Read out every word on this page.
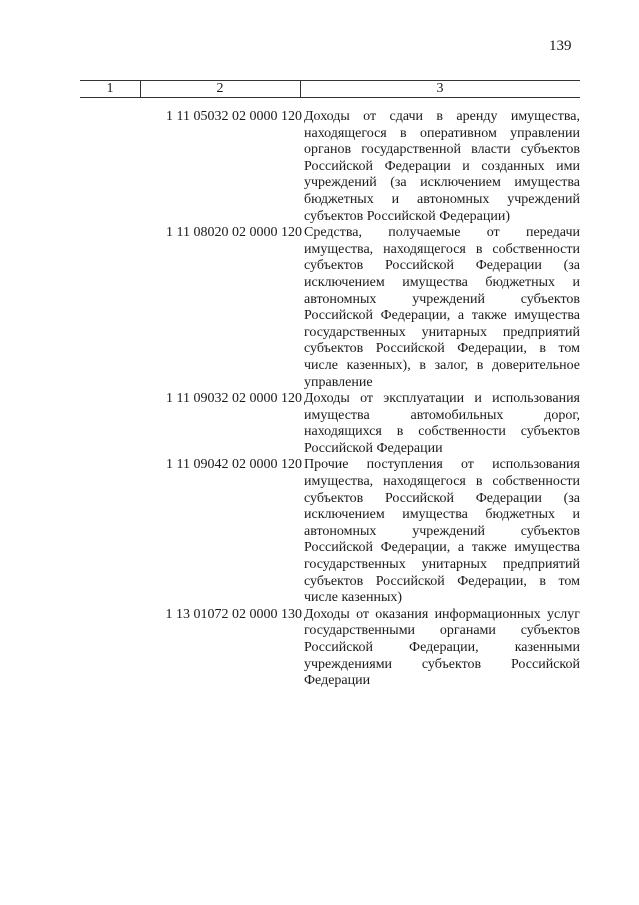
139
1	2	3
1 11 05032 02 0000 120 Доходы от сдачи в аренду имущества, находящегося в оперативном управлении органов государственной власти субъектов Российской Федерации и созданных ими учреждений (за исключением имущества бюджетных и автономных учреждений субъектов Российской Федерации)
1 11 08020 02 0000 120 Средства, получаемые от передачи имущества, находящегося в собственности субъектов Российской Федерации (за исключением имущества бюджетных и автономных учреждений субъектов Российской Федерации, а также имущества государственных унитарных предприятий субъектов Российской Федерации, в том числе казенных), в залог, в доверительное управление
1 11 09032 02 0000 120 Доходы от эксплуатации и использования имущества автомобильных дорог, находящихся в собственности субъектов Российской Федерации
1 11 09042 02 0000 120 Прочие поступления от использования имущества, находящегося в собственности субъектов Российской Федерации (за исключением имущества бюджетных и автономных учреждений субъектов Российской Федерации, а также имущества государственных унитарных предприятий субъектов Российской Федерации, в том числе казенных)
1 13 01072 02 0000 130 Доходы от оказания информационных услуг государственными органами субъектов Российской Федерации, казенными учреждениями субъектов Российской Федерации
